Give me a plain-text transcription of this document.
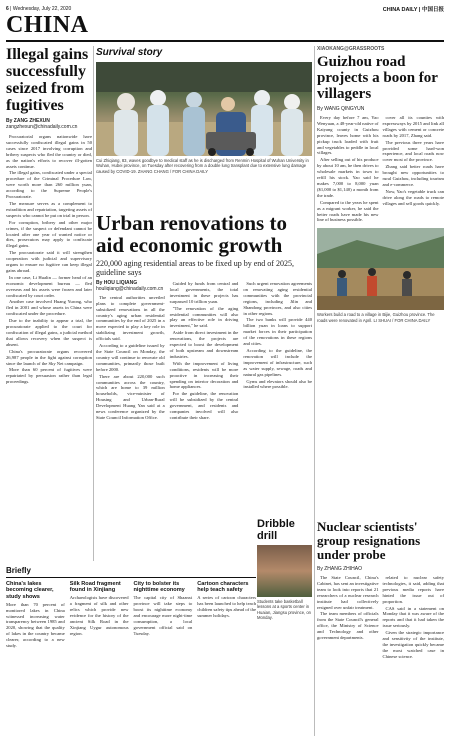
6 | Wednesday, July 22, 2020	CHINA DAILY | 中国日报
CHINA
Illegal gains successfully seized from fugitives
By ZANG ZHEXUN
zangzhexun@chinadaily.com.cn

Procuratorial organs nationwide have successfully confiscated illegal gains in 50 cases since 2017 involving corruption and bribery suspects who fled the country or died, as the nation's efforts to recover ill-gotten assets continue.

The illegal gains, confiscated under a special procedure of the Criminal Procedure Law, were worth more than 260 million yuan, according to the Supreme People's Procuratorate.

The measure serves as a complement to extradition and repatriation, targeting assets of suspects who cannot be put on trial in person.

For corruption, bribery and other major crimes, if the suspect or defendant cannot be located after one year of wanted notice or dies, prosecutors may apply to confiscate illegal gains.

The procuratorate said it will strengthen cooperation with judicial and supervisory organs to ensure no fugitive can keep illegal gains abroad.

In one case, Li Hualin — former head of an economic development bureau — fled overseas and his assets were frozen and later confiscated by court order.

Another case involved Huang Yurong, who fled in 2001 and whose assets in China were confiscated under the procedure.

Due to the inability to appear a trial, the procuratorate applied to the court for confiscation of illegal gains, a judicial method that allows recovery when the suspect is absent.

China's procuratorate organs recovered 26,987 people in the fight against corruption since the launch of the Sky Net campaign.

More than 60 percent of fugitives were repatriated by persuasion rather than legal proceedings.

Survival story
Cui Zhiqiang, 83, waves goodbye to medical staff as he is discharged from Renmin Hospital of Wuhan University in Wuhan, Hubei province, on Tuesday after recovering from a double lung transplant due to extensive lung damage caused by COVID-19. ZHANG CHANG / FOR CHINA DAILY
Urban renovations to aid economic growth
220,000 aging residential areas to be fixed up by end of 2025, guideline says
By HOU LIQIANG
houliqiang@chinadaily.com.cn

The central authorities unveiled plans to complete government-subsidized renovations in all the country's aging urban residential communities by the end of 2025 in a move expected to play a key role in stabilizing investment growth, officials said.

According to a guideline issued by the State Council on Monday, the country will continue to renovate old communities, primarily those built before 2000.

There are about 220,000 such communities across the country, which are home to 39 million households, vice-minister of Housing and Urban-Rural Development Huang Yan said at a news conference organized by the State Council Information Office.

Guided by funds from central and local governments, the total investment in these projects has surpassed 10 trillion yuan.

"The renovation of the aging residential communities will also play an effective role in driving investment," he said.

Aside from direct investment in the renovations, the projects are expected to boost the development of both upstream and downstream industries.

With the improvement of living conditions, residents will be more proactive in increasing their spending on interior decoration and home appliances.

For the guideline, the renovation will be subsidized by the central government, and residents and companies involved will also contribute their share.

Such urgent renovation agreements on renovating aging residential communities with the provincial regions, including Jilin and Shandong provinces, and also cities in other regions.

The two banks will provide 440 billion yuan in loans to support market forces in their participation of the renovations in these regions and cities.

According to the guideline, the renovation will include the improvement of infrastructure, such as water supply, sewage, roads and natural gas pipelines.

Gyms and elevators should also be installed where possible.

XIAOKANG@GRASSROOTS
Guizhou road projects a boon for villagers
By WANG QINGYUN

Every day before 7 am, Yao Wenyuan, a 48-year-old native of Kaiyang county in Guizhou province, leaves home with his pickup truck loaded with fruit and vegetables to peddle in local villages.

After selling out of his produce by about 10 am, he then drives to wholesale markets in town to refill his stock. Yao said he makes 7,000 to 8,000 yuan ($1,000 to $1,140) a month from the trade.

Compared to the years he spent as a migrant worker, he said the better roads have made his new line of business possible.

cover all its counties with expressways by 2015 and link all villages with cement or concrete roads by 2017, Zhang said.

The previous three years have provided some hard-won experience, and local roads now cover most of the province.

Zhang said better roads have brought new opportunities to rural Guizhou, including tourism and e-commerce.

Now, Yao's vegetable truck can drive along the roads to remote villages and sell goods quickly.

Workers build a road to a village in Bijie, Guizhou province. The roads were renovated in April. LI SHUAI / FOR CHINA DAILY
Dribble drill
Students take basketball lessons at a sports center in Huaian, Jiangsu province, on Monday.
Nuclear scientists' group resignations under probe
By ZHANG ZHIHAO

The State Council, China's Cabinet, has sent an investigative team to look into reports that 21 researchers of a nuclear research institute had collectively resigned over unfair treatment.

The team members of officials from the State Council's general office, the Ministry of Science and Technology and other government departments.

related to nuclear safety technologies, it said, adding that previous media reports have hinted the issue out of proportion.

CAS said in a statement on Monday that it was aware of the reports and that it had taken the issue seriously.

Given the strategic importance and sensitivity of the institute, the investigation quickly became the most watched case in Chinese science.

Briefly
China's lakes becoming clearer, study shows
More than 70 percent of monitored lakes in China witnessed increasing water transparency between 1985 and 2020, showing that the quality of lakes in the country became clearer, according to a new study.
Silk Road fragment found in Xinjiang
Archaeologists have discovered a fragment of silk and other relics which provide new evidence for the history of the ancient Silk Road in the Xinjiang Uygur autonomous region.
City to bolster its nighttime economy
The capital city of Shaanxi province will take steps to boost its nighttime economy and encourage more night-time consumption, a local government official said on Tuesday.
Cartoon characters help teach safety
A series of cartoon characters has been launched to help teach children safety tips ahead of the summer holidays.
